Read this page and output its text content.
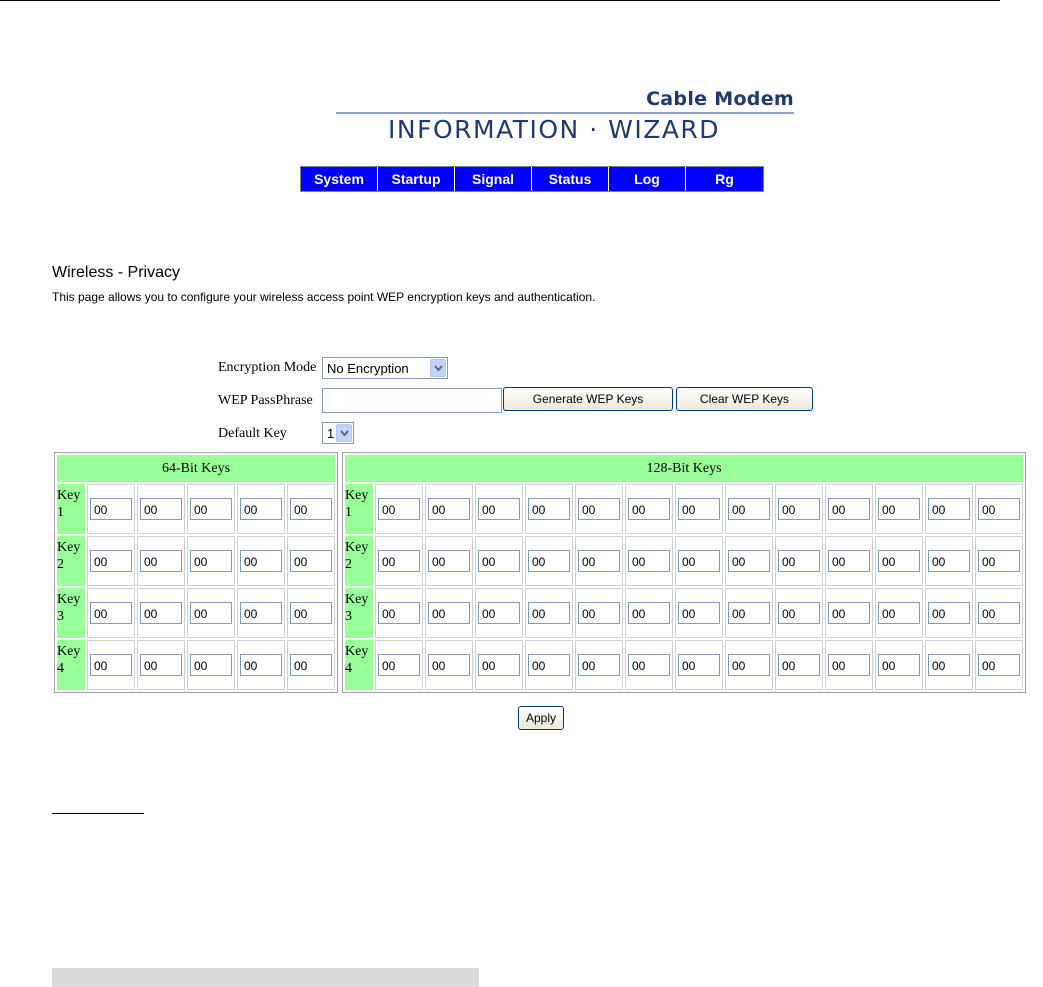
Cable Modem
INFORMATION · WIZARD
System	Startup	Signal	Status	Log	Rg
Wireless - Privacy
This page allows you to configure your wireless access point WEP encryption keys and authentication.
Encryption Mode No Encryption
WEP PassPhrase	Generate WEP Keys	Clear WEP Keys
Default Key	1
64-Bit Keys					
Key
1	00	00	00	00	00
Key
2	00	00	00	00	00
Key
3	00	00	00	00	00
Key
4	00	00	00	00	00
128-Bit Keys													
Key
1	00	00	00	00	00	00	00	00	00	00	00	00	00
Key
2	00	00	00	00	00	00	00	00	00	00	00	00	00
Key
3	00	00	00	00	00	00	00	00	00	00	00	00	00
Key
4	00	00	00	00	00	00	00	00	00	00	00	00	00
Apply
